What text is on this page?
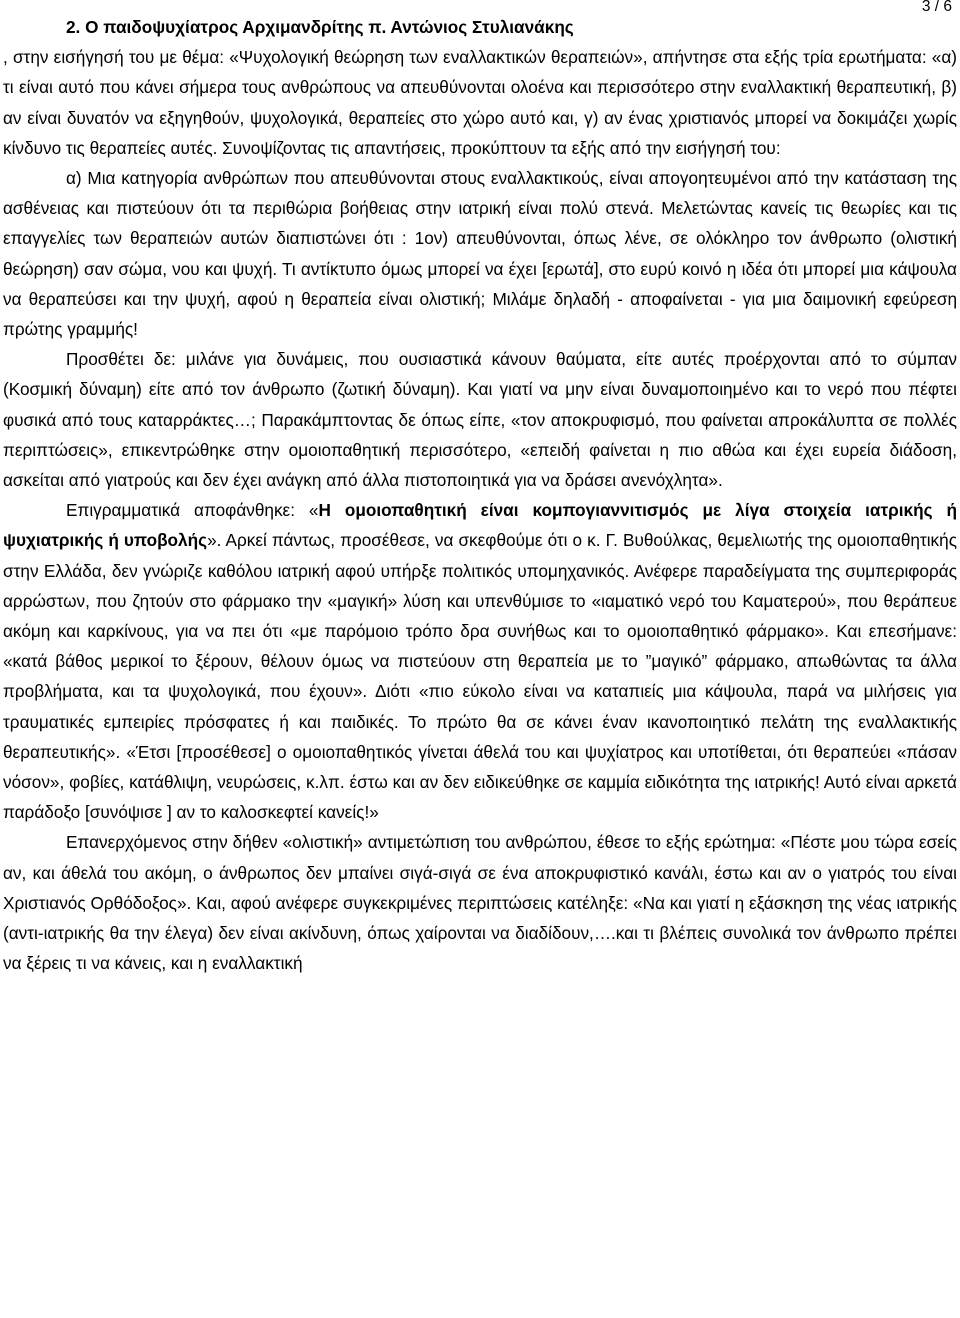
3 / 6

2. Ο παιδοψυχίατρος Αρχιμανδρίτης π. Αντώνιος Στυλιανάκης
, στην εισήγησή του με θέμα: «Ψυχολογική θεώρηση των εναλλακτικών θεραπειών», απήντησε στα εξής τρία ερωτήματα: «α) τι είναι αυτό που κάνει σήμερα τους ανθρώπους να απευθύνονται ολοένα και περισσότερο στην εναλλακτική θεραπευτική, β) αν είναι δυνατόν να εξηγηθούν, ψυχολογικά, θεραπείες στο χώρο αυτό και, γ) αν ένας χριστιανός μπορεί να δοκιμάζει χωρίς κίνδυνο τις θεραπείες αυτές. Συνοψίζοντας τις απαντήσεις, προκύπτουν τα εξής από την εισήγησή του:

α) Μια κατηγορία ανθρώπων που απευθύνονται στους εναλλακτικούς, είναι απογοητευμένοι από την κατάσταση της ασθένειας και πιστεύουν ότι τα περιθώρια βοήθειας στην ιατρική είναι πολύ στενά. Μελετώντας κανείς τις θεωρίες και τις επαγγελίες των θεραπειών αυτών διαπιστώνει ότι : 1ον) απευθύνονται, όπως λένε, σε ολόκληρο τον άνθρωπο (ολιστική θεώρηση) σαν σώμα, νου και ψυχή. Τι αντίκτυπο όμως μπορεί να έχει [ερωτά], στο ευρύ κοινό η ιδέα ότι μπορεί μια κάψουλα να θεραπεύσει και την ψυχή, αφού η θεραπεία είναι ολιστική; Μιλάμε δηλαδή - αποφαίνεται - για μια δαιμονική εφεύρεση πρώτης γραμμής!

Προσθέτει δε: μιλάνε για δυνάμεις, που ουσιαστικά κάνουν θαύματα, είτε αυτές προέρχονται από το σύμπαν (Κοσμική δύναμη) είτε από τον άνθρωπο (ζωτική δύναμη). Και γιατί να μην είναι δυναμοποιημένο και το νερό που πέφτει φυσικά από τους καταρράκτες…; Παρακάμπτοντας δε όπως είπε, «τον αποκρυφισμό, που φαίνεται απροκάλυπτα σε πολλές περιπτώσεις», επικεντρώθηκε στην ομοιοπαθητική περισσότερο, «επειδή φαίνεται η πιο αθώα και έχει ευρεία διάδοση, ασκείται από γιατρούς και δεν έχει ανάγκη από άλλα πιστοποιητικά για να δράσει ανενόχλητα».

Επιγραμματικά αποφάνθηκε: «Η ομοιοπαθητική είναι κομπογιαννιτισμός με λίγα στοιχεία ιατρικής ή ψυχιατρικής ή υποβολής». Αρκεί πάντως, προσέθεσε, να σκεφθούμε ότι ο κ. Γ. Βυθούλκας, θεμελιωτής της ομοιοπαθητικής στην Ελλάδα, δεν γνώριζε καθόλου ιατρική αφού υπήρξε πολιτικός υπομηχανικός. Ανέφερε παραδείγματα της συμπεριφοράς αρρώστων, που ζητούν στο φάρμακο την «μαγική» λύση και υπενθύμισε το «ιαματικό νερό του Καματερού», που θεράπευε ακόμη και καρκίνους, για να πει ότι «με παρόμοιο τρόπο δρα συνήθως και το ομοιοπαθητικό φάρμακο». Και επεσήμανε: «κατά βάθος μερικοί το ξέρουν, θέλουν όμως να πιστεύουν στη θεραπεία με το ”μαγικό” φάρμακο, απωθώντας τα άλλα προβλήματα, και τα ψυχολογικά, που έχουν». Διότι «πιο εύκολο είναι να καταπιείς μια κάψουλα, παρά να μιλήσεις για τραυματικές εμπειρίες πρόσφατες ή και παιδικές. Το πρώτο θα σε κάνει έναν ικανοποιητικό πελάτη της εναλλακτικής θεραπευτικής». «Έτσι [προσέθεσε] ο ομοιοπαθητικός γίνεται άθελά του και ψυχίατρος και υποτίθεται, ότι θεραπεύει «πάσαν νόσον», φοβίες, κατάθλιψη, νευρώσεις, κ.λπ. έστω και αν δεν ειδικεύθηκε σε καμμία ειδικότητα της ιατρικής! Αυτό είναι αρκετά παράδοξο [συνόψισε ] αν το καλοσκεφτεί κανείς!»

Επανερχόμενος στην δήθεν «ολιστική» αντιμετώπιση του ανθρώπου, έθεσε το εξής ερώτημα: «Πέστε μου τώρα εσείς αν, και άθελά του ακόμη, ο άνθρωπος δεν μπαίνει σιγά-σιγά σε ένα αποκρυφιστικό κανάλι, έστω και αν ο γιατρός του είναι Χριστιανός Ορθόδοξος». Και, αφού ανέφερε συγκεκριμένες περιπτώσεις κατέληξε: «Να και γιατί η εξάσκηση της νέας ιατρικής (αντι-ιατρικής θα την έλεγα) δεν είναι ακίνδυνη, όπως χαίρονται να διαδίδουν,….και τι βλέπεις συνολικά τον άνθρωπο πρέπει να ξέρεις τι να κάνεις, και η εναλλακτική
